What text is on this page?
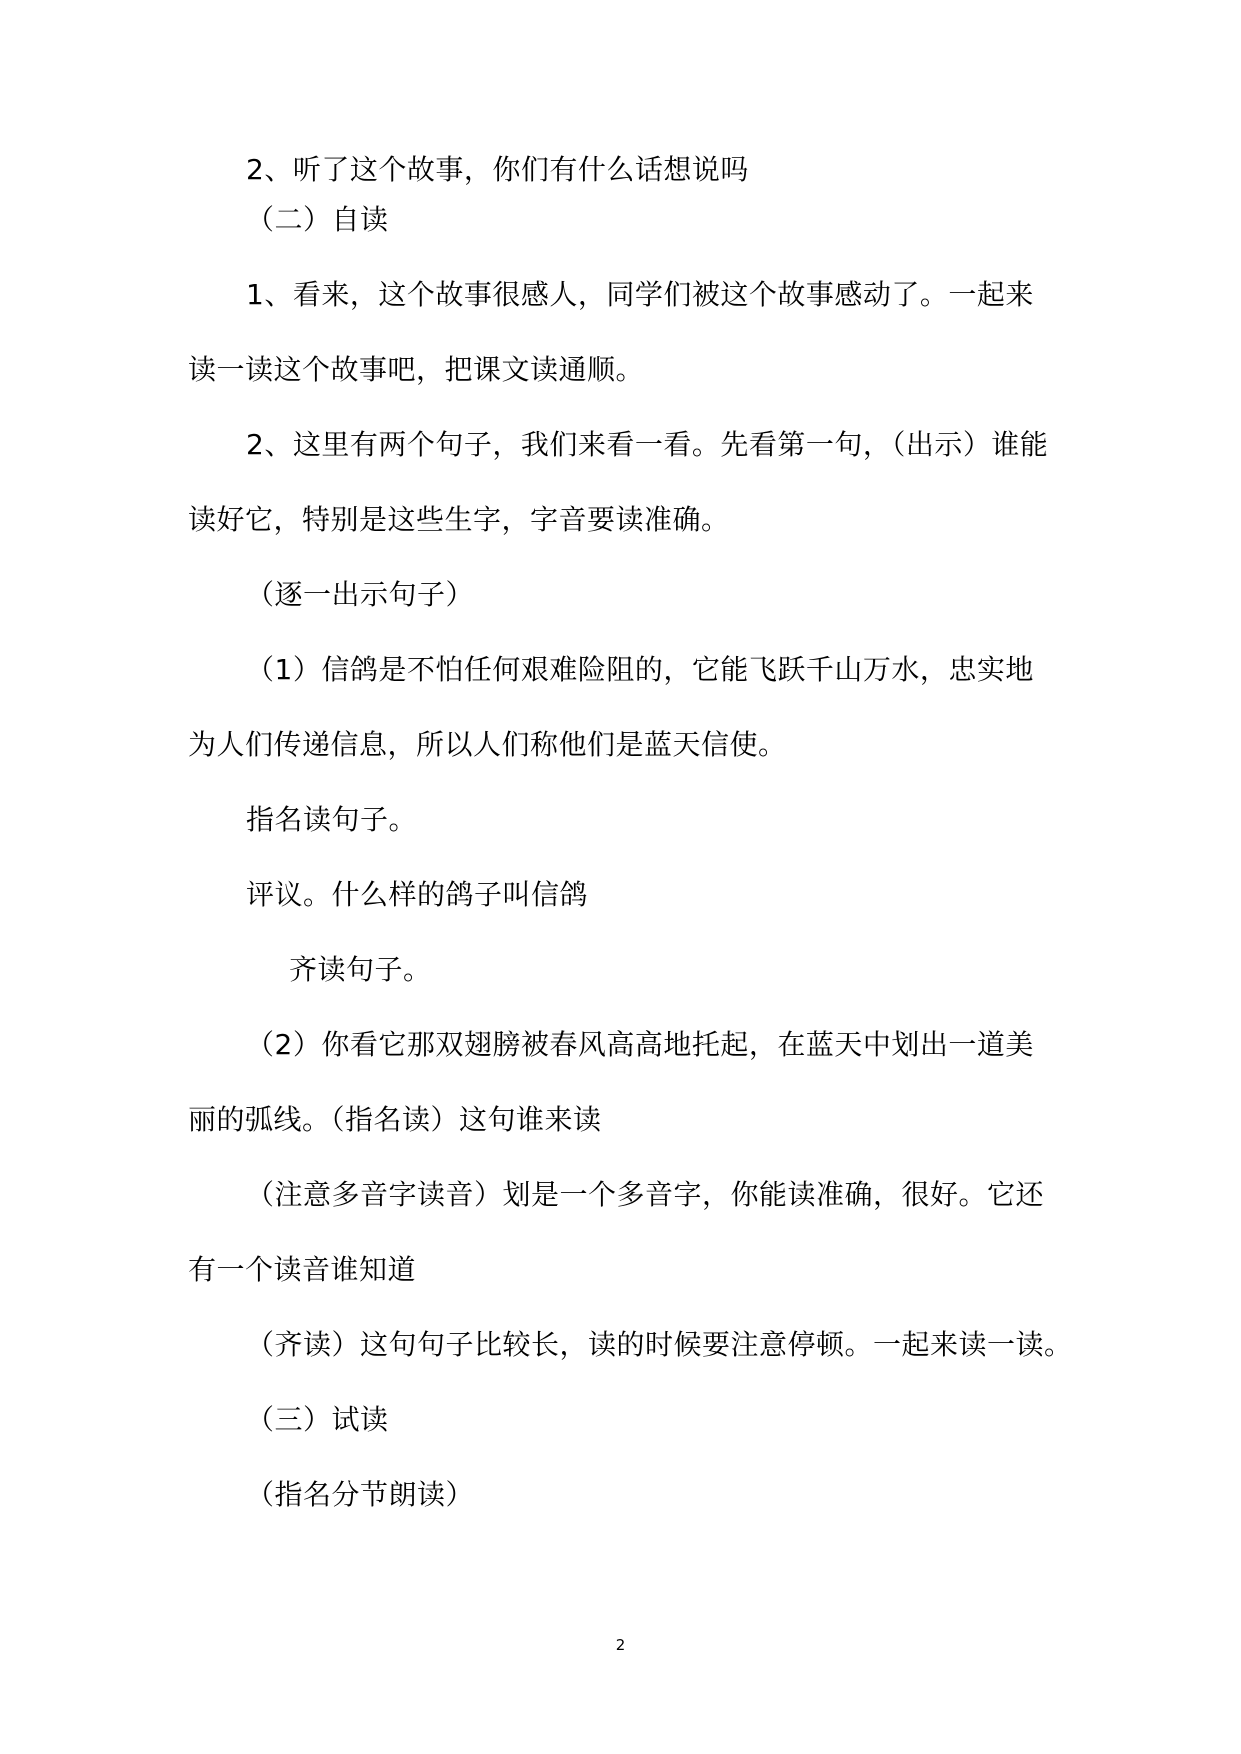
2、听了这个故事，你们有什么话想说吗
（二）自读
1、看来，这个故事很感人，同学们被这个故事感动了。一起来
读一读这个故事吧，把课文读通顺。
2、这里有两个句子，我们来看一看。先看第一句，（出示）谁能
读好它，特别是这些生字，字音要读准确。
（逐一出示句子）
（1）信鸽是不怕任何艰难险阻的，它能飞跃千山万水，忠实地
为人们传递信息，所以人们称他们是蓝天信使。
指名读句子。
评议。什么样的鸽子叫信鸽
齐读句子。
（2）你看它那双翅膀被春风高高地托起，在蓝天中划出一道美
丽的弧线。（指名读）这句谁来读
（注意多音字读音）划是一个多音字，你能读准确，很好。它还
有一个读音谁知道
（齐读）这句句子比较长，读的时候要注意停顿。一起来读一读。
（三）试读
（指名分节朗读）
2
